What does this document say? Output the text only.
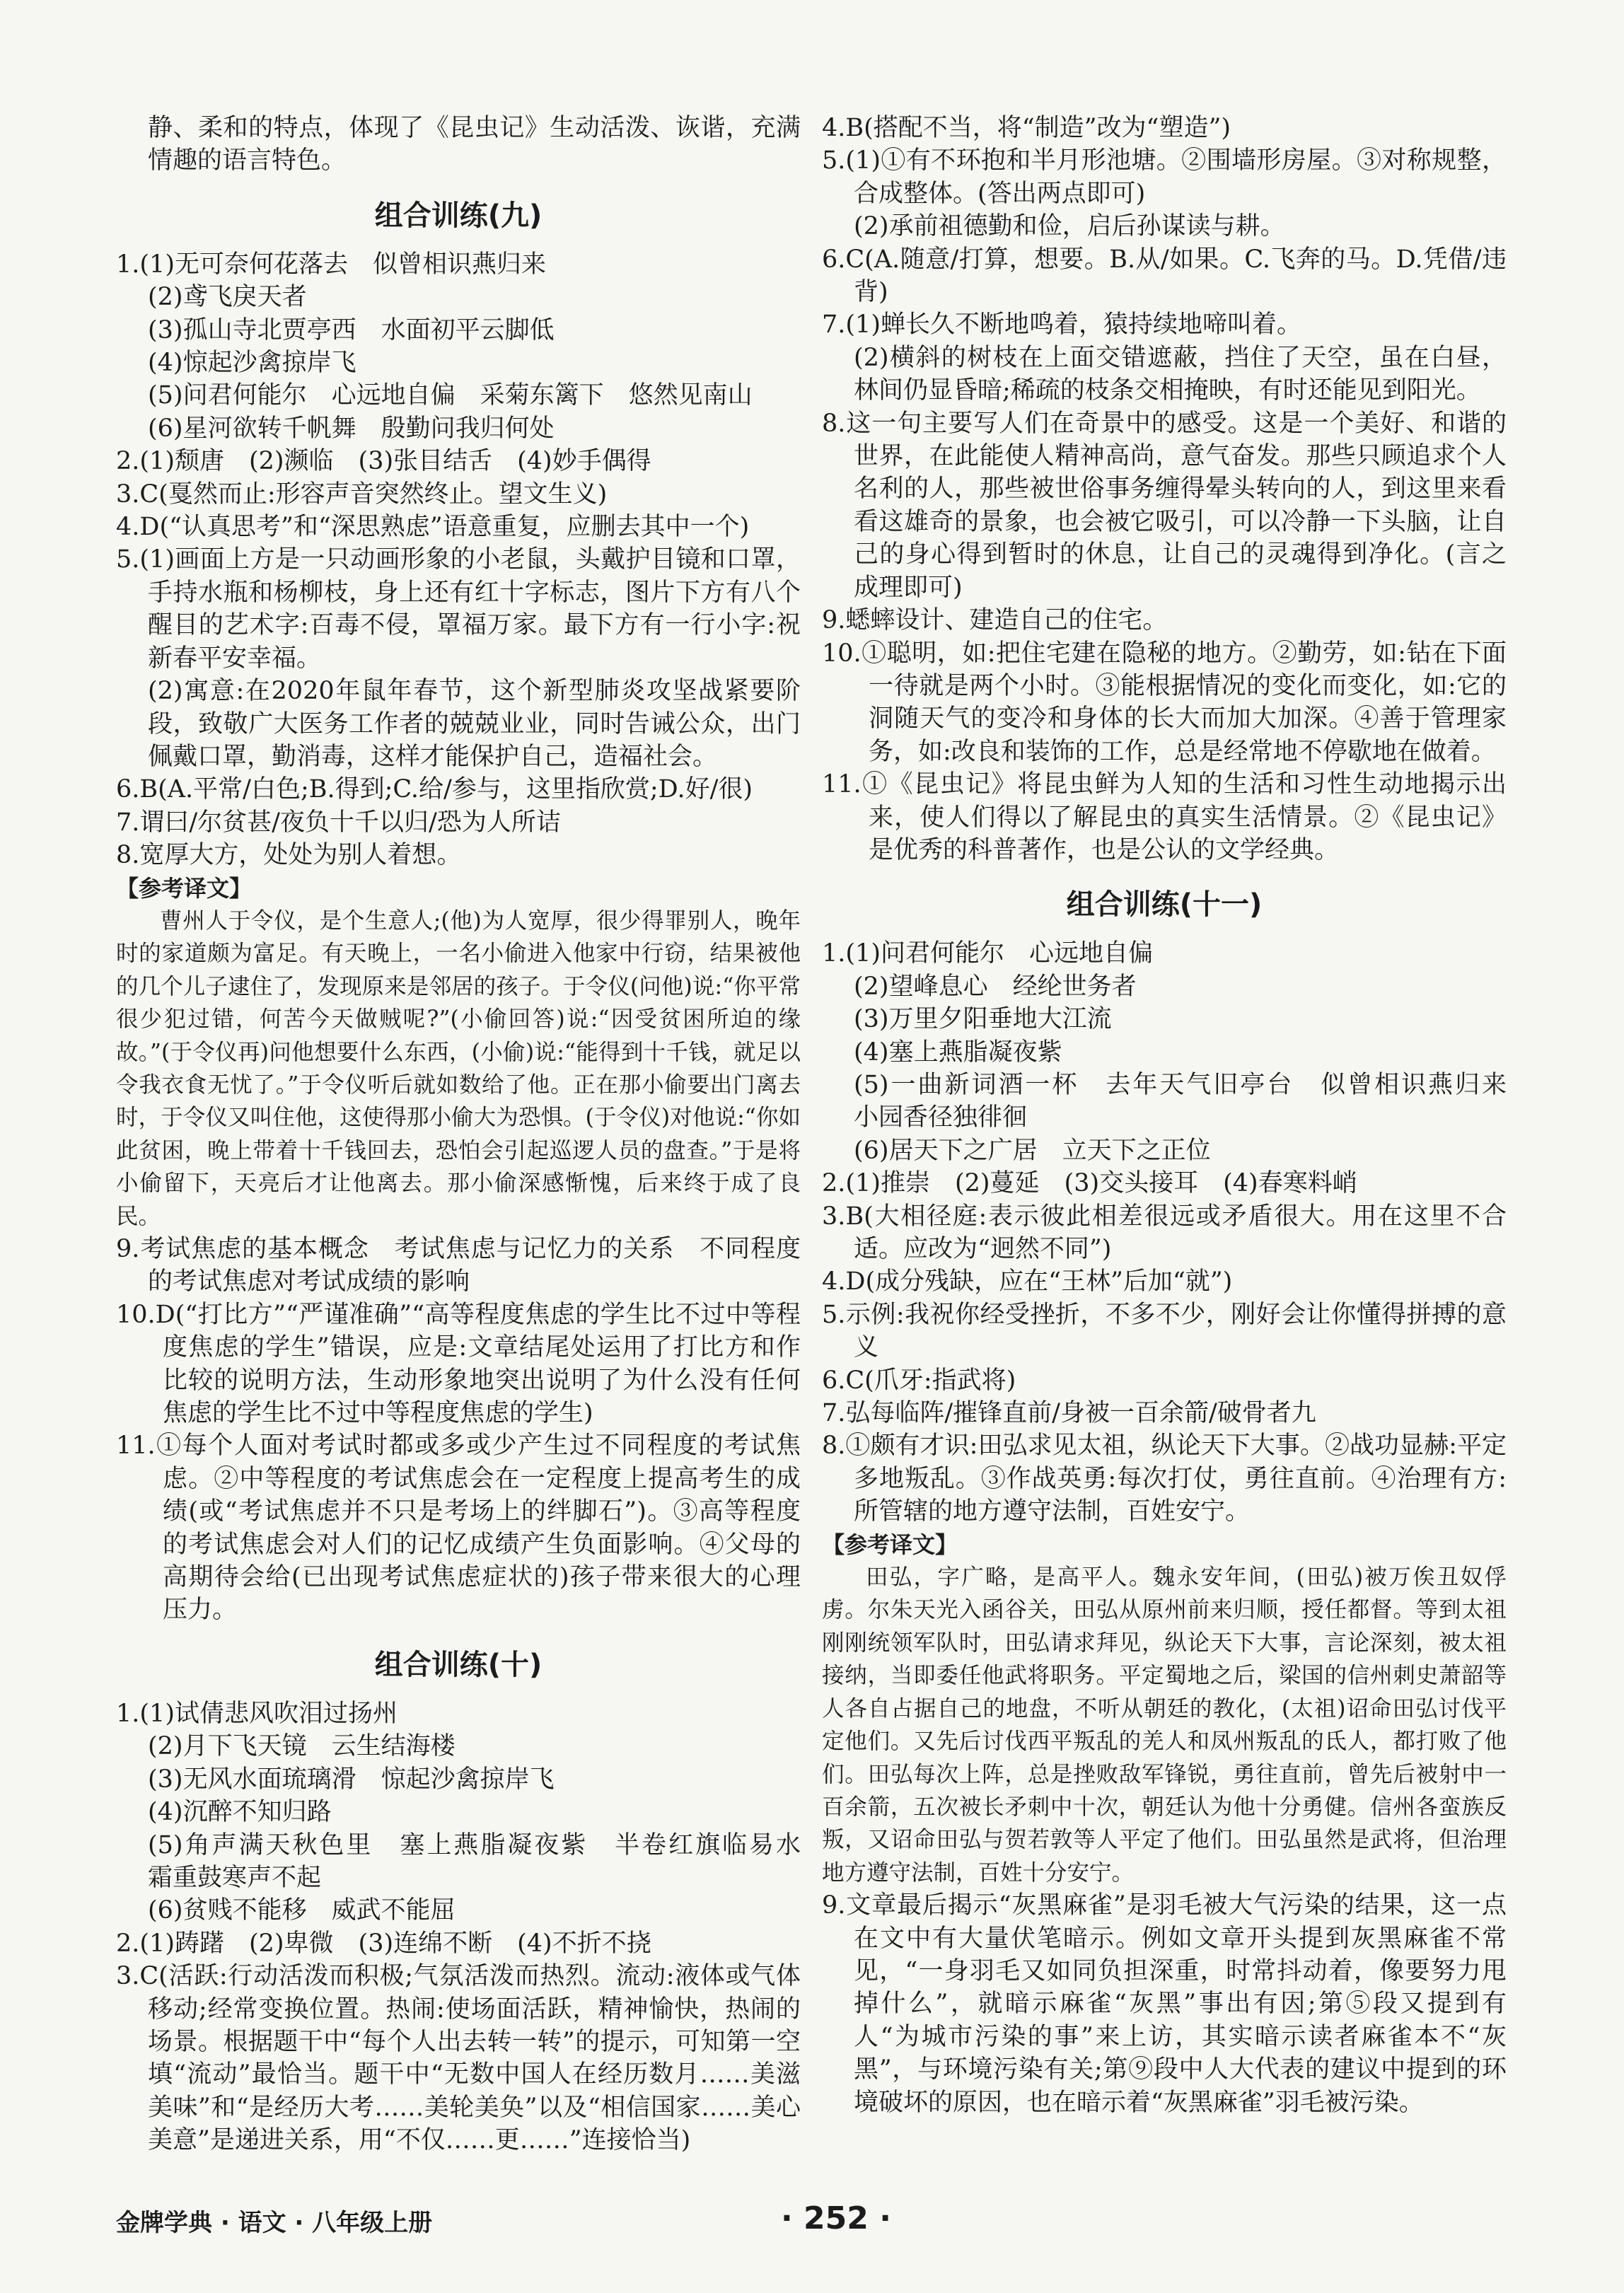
静、柔和的特点，体现了《昆虫记》生动活泼、诙谐，充满情趣的语言特色。

组合训练(九)

1.(1)无可奈何花落去　似曾相识燕归来

(2)鸢飞戾天者

(3)孤山寺北贾亭西　水面初平云脚低

(4)惊起沙禽掠岸飞

(5)问君何能尔　心远地自偏　采菊东篱下　悠然见南山

(6)星河欲转千帆舞　殷勤问我归何处

2.(1)颓唐　(2)濒临　(3)张目结舌　(4)妙手偶得

3.C(戛然而止:形容声音突然终止。望文生义)

4.D(“认真思考”和“深思熟虑”语意重复，应删去其中一个)

5.(1)画面上方是一只动画形象的小老鼠，头戴护目镜和口罩，手持水瓶和杨柳枝，身上还有红十字标志，图片下方有八个醒目的艺术字:百毒不侵，罩福万家。最下方有一行小字:祝新春平安幸福。

(2)寓意:在2020年鼠年春节，这个新型肺炎攻坚战紧要阶段，致敬广大医务工作者的兢兢业业，同时告诫公众，出门佩戴口罩，勤消毒，这样才能保护自己，造福社会。

6.B(A.平常/白色;B.得到;C.给/参与，这里指欣赏;D.好/很)

7.谓曰/尔贫甚/夜负十千以归/恐为人所诘

8.宽厚大方，处处为别人着想。

【参考译文】

曹州人于令仪，是个生意人;(他)为人宽厚，很少得罪别人，晚年时的家道颇为富足。有天晚上，一名小偷进入他家中行窃，结果被他的几个儿子逮住了，发现原来是邻居的孩子。于令仪(问他)说:“你平常很少犯过错，何苦今天做贼呢?”(小偷回答)说:“因受贫困所迫的缘故。”(于令仪再)问他想要什么东西，(小偷)说:“能得到十千钱，就足以令我衣食无忧了。”于令仪听后就如数给了他。正在那小偷要出门离去时，于令仪又叫住他，这使得那小偷大为恐惧。(于令仪)对他说:“你如此贫困，晚上带着十千钱回去，恐怕会引起巡逻人员的盘查。”于是将小偷留下，天亮后才让他离去。那小偷深感惭愧，后来终于成了良民。

9.考试焦虑的基本概念　考试焦虑与记忆力的关系　不同程度的考试焦虑对考试成绩的影响

10.D(“打比方”“严谨准确”“高等程度焦虑的学生比不过中等程度焦虑的学生”错误，应是:文章结尾处运用了打比方和作比较的说明方法，生动形象地突出说明了为什么没有任何焦虑的学生比不过中等程度焦虑的学生)

11.①每个人面对考试时都或多或少产生过不同程度的考试焦虑。②中等程度的考试焦虑会在一定程度上提高考生的成绩(或“考试焦虑并不只是考场上的绊脚石”)。③高等程度的考试焦虑会对人们的记忆成绩产生负面影响。④父母的高期待会给(已出现考试焦虑症状的)孩子带来很大的心理压力。

组合训练(十)

1.(1)试倩悲风吹泪过扬州

(2)月下飞天镜　云生结海楼

(3)无风水面琉璃滑　惊起沙禽掠岸飞

(4)沉醉不知归路

(5)角声满天秋色里　塞上燕脂凝夜紫　半卷红旗临易水　霜重鼓寒声不起

(6)贫贱不能移　威武不能屈

2.(1)踌躇　(2)卑微　(3)连绵不断　(4)不折不挠

3.C(活跃:行动活泼而积极;气氛活泼而热烈。流动:液体或气体移动;经常变换位置。热闹:使场面活跃，精神愉快，热闹的场景。根据题干中“每个人出去转一转”的提示，可知第一空填“流动”最恰当。题干中“无数中国人在经历数月……美滋美味”和“是经历大考……美轮美奂”以及“相信国家……美心美意”是递进关系，用“不仅……更……”连接恰当)

4.B(搭配不当，将“制造”改为“塑造”)

5.(1)①有不环抱和半月形池塘。②围墙形房屋。③对称规整，合成整体。(答出两点即可)

(2)承前祖德勤和俭，启后孙谋读与耕。

6.C(A.随意/打算，想要。B.从/如果。C.飞奔的马。D.凭借/违背)

7.(1)蝉长久不断地鸣着，猿持续地啼叫着。

(2)横斜的树枝在上面交错遮蔽，挡住了天空，虽在白昼，林间仍显昏暗;稀疏的枝条交相掩映，有时还能见到阳光。

8.这一句主要写人们在奇景中的感受。这是一个美好、和谐的世界，在此能使人精神高尚，意气奋发。那些只顾追求个人名利的人，那些被世俗事务缠得晕头转向的人，到这里来看看这雄奇的景象，也会被它吸引，可以冷静一下头脑，让自己的身心得到暂时的休息，让自己的灵魂得到净化。(言之成理即可)

9.蟋蟀设计、建造自己的住宅。

10.①聪明，如:把住宅建在隐秘的地方。②勤劳，如:钻在下面一待就是两个小时。③能根据情况的变化而变化，如:它的洞随天气的变冷和身体的长大而加大加深。④善于管理家务，如:改良和装饰的工作，总是经常地不停歇地在做着。

11.①《昆虫记》将昆虫鲜为人知的生活和习性生动地揭示出来，使人们得以了解昆虫的真实生活情景。②《昆虫记》是优秀的科普著作，也是公认的文学经典。

组合训练(十一)

1.(1)问君何能尔　心远地自偏

(2)望峰息心　经纶世务者

(3)万里夕阳垂地大江流

(4)塞上燕脂凝夜紫

(5)一曲新词酒一杯　去年天气旧亭台　似曾相识燕归来　小园香径独徘徊

(6)居天下之广居　立天下之正位

2.(1)推崇　(2)蔓延　(3)交头接耳　(4)春寒料峭

3.B(大相径庭:表示彼此相差很远或矛盾很大。用在这里不合适。应改为“迥然不同”)

4.D(成分残缺，应在“王林”后加“就”)

5.示例:我祝你经受挫折，不多不少，刚好会让你懂得拼搏的意义

6.C(爪牙:指武将)

7.弘每临阵/摧锋直前/身被一百余箭/破骨者九

8.①颇有才识:田弘求见太祖，纵论天下大事。②战功显赫:平定多地叛乱。③作战英勇:每次打仗，勇往直前。④治理有方:所管辖的地方遵守法制，百姓安宁。

【参考译文】

田弘，字广略，是高平人。魏永安年间，(田弘)被万俟丑奴俘虏。尔朱天光入函谷关，田弘从原州前来归顺，授任都督。等到太祖刚刚统领军队时，田弘请求拜见，纵论天下大事，言论深刻，被太祖接纳，当即委任他武将职务。平定蜀地之后，梁国的信州刺史萧韶等人各自占据自己的地盘，不听从朝廷的教化，(太祖)诏命田弘讨伐平定他们。又先后讨伐西平叛乱的羌人和凤州叛乱的氐人，都打败了他们。田弘每次上阵，总是挫败敌军锋锐，勇往直前，曾先后被射中一百余箭，五次被长矛刺中十次，朝廷认为他十分勇健。信州各蛮族反叛，又诏命田弘与贺若敦等人平定了他们。田弘虽然是武将，但治理地方遵守法制，百姓十分安宁。

9.文章最后揭示“灰黑麻雀”是羽毛被大气污染的结果，这一点在文中有大量伏笔暗示。例如文章开头提到灰黑麻雀不常见，“一身羽毛又如同负担深重，时常抖动着，像要努力甩掉什么”，就暗示麻雀“灰黑”事出有因;第⑤段又提到有人“为城市污染的事”来上访，其实暗示读者麻雀本不“灰黑”，与环境污染有关;第⑨段中人大代表的建议中提到的环境破坏的原因，也在暗示着“灰黑麻雀”羽毛被污染。

金牌学典 · 语文 · 八年级上册	· 252 ·
